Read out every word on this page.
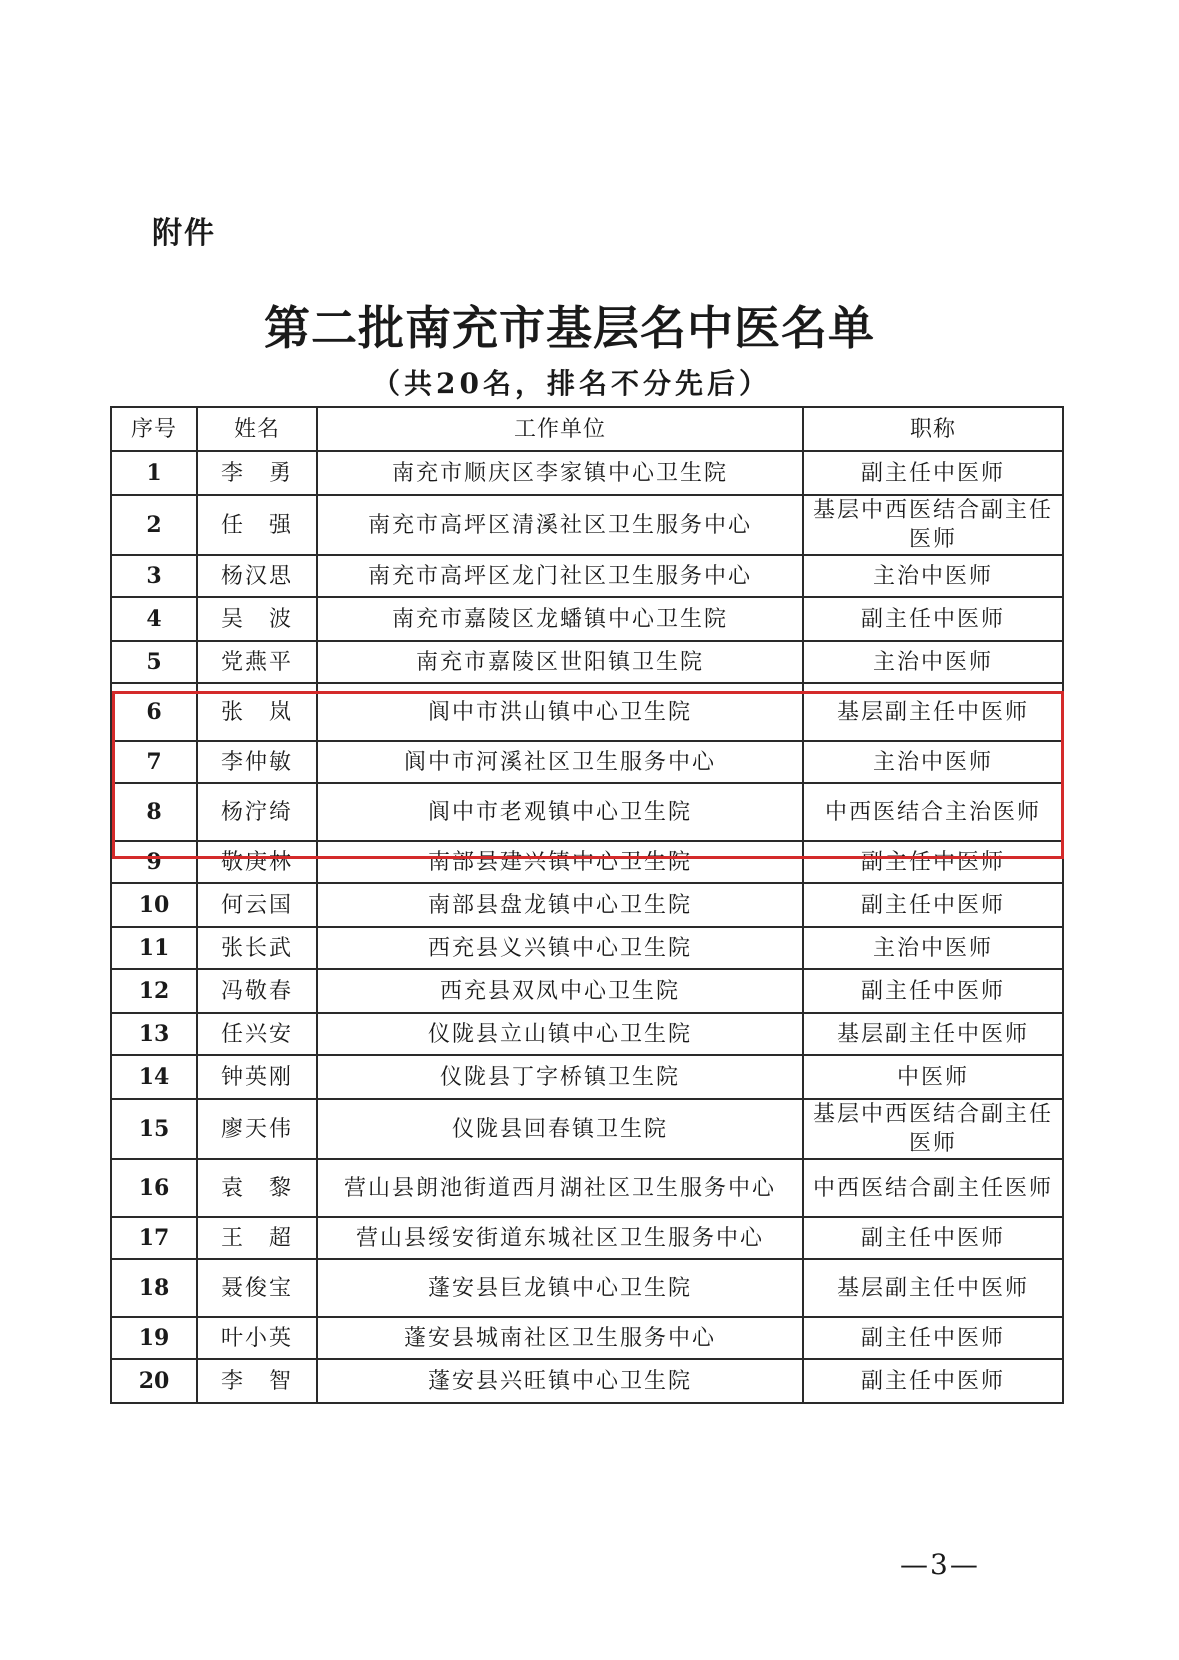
附件
第二批南充市基层名中医名单
（共20名，排名不分先后）
序号	姓名	工作单位	职称
1	李　勇	南充市顺庆区李家镇中心卫生院	副主任中医师
2	任　强	南充市高坪区清溪社区卫生服务中心	基层中西医结合副主任医师
3	杨汉思	南充市高坪区龙门社区卫生服务中心	主治中医师
4	吴　波	南充市嘉陵区龙蟠镇中心卫生院	副主任中医师
5	党燕平	南充市嘉陵区世阳镇卫生院	主治中医师
6	张　岚	阆中市洪山镇中心卫生院	基层副主任中医师
7	李仲敏	阆中市河溪社区卫生服务中心	主治中医师
8	杨泞绮	阆中市老观镇中心卫生院	中西医结合主治医师
9	敬庚林	南部县建兴镇中心卫生院	副主任中医师
10	何云国	南部县盘龙镇中心卫生院	副主任中医师
11	张长武	西充县义兴镇中心卫生院	主治中医师
12	冯敬春	西充县双凤中心卫生院	副主任中医师
13	任兴安	仪陇县立山镇中心卫生院	基层副主任中医师
14	钟英刚	仪陇县丁字桥镇卫生院	中医师
15	廖天伟	仪陇县回春镇卫生院	基层中西医结合副主任医师
16	袁　黎	营山县朗池街道西月湖社区卫生服务中心	中西医结合副主任医师
17	王　超	营山县绥安街道东城社区卫生服务中心	副主任中医师
18	聂俊宝	蓬安县巨龙镇中心卫生院	基层副主任中医师
19	叶小英	蓬安县城南社区卫生服务中心	副主任中医师
20	李　智	蓬安县兴旺镇中心卫生院	副主任中医师
—3—
